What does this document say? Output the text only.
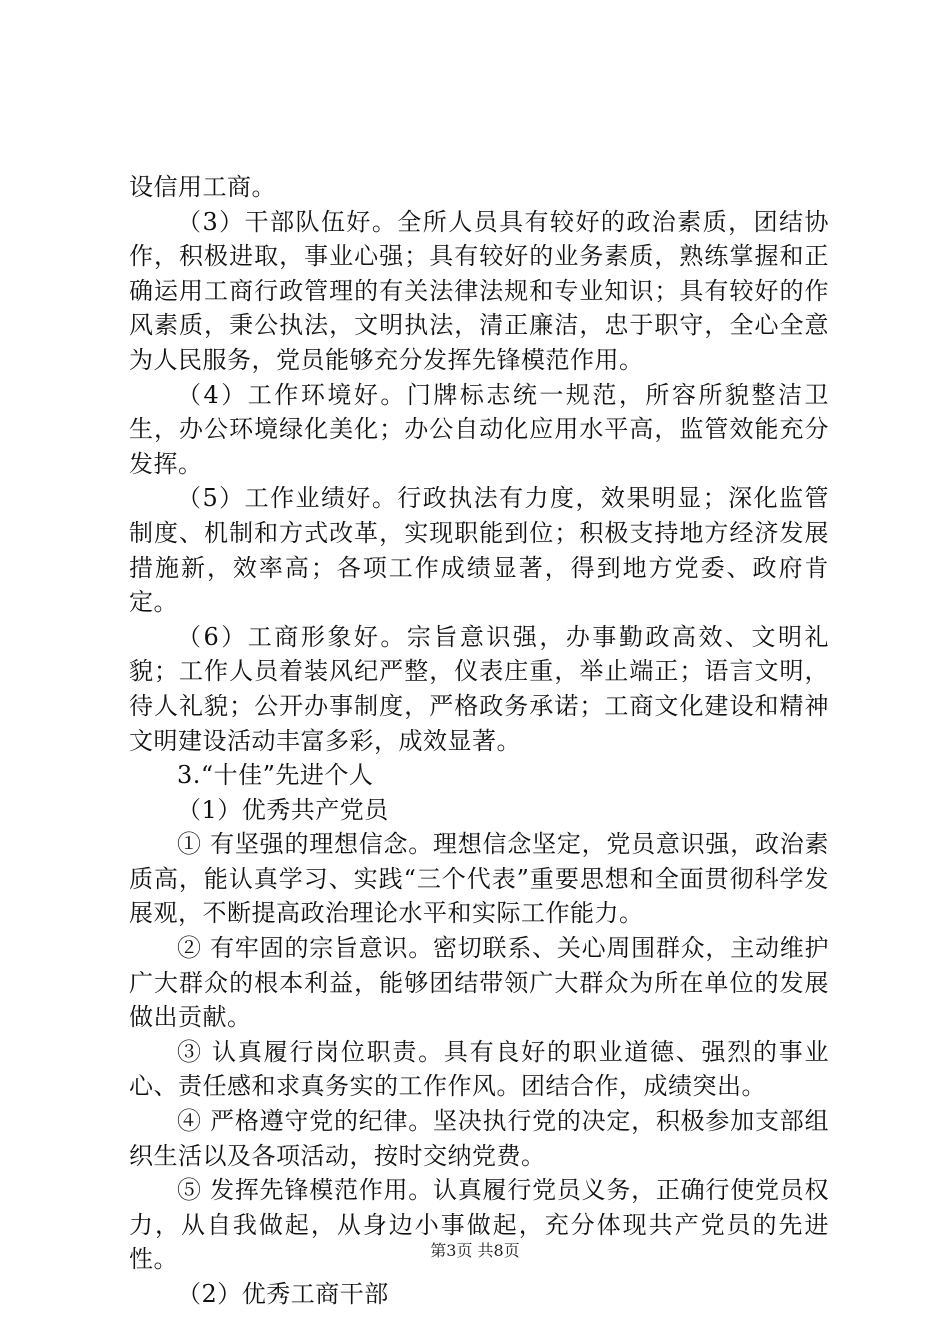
设信用工商。

（3）干部队伍好。全所人员具有较好的政治素质，团结协作，积极进取，事业心强；具有较好的业务素质，熟练掌握和正确运用工商行政管理的有关法律法规和专业知识；具有较好的作风素质，秉公执法，文明执法，清正廉洁，忠于职守，全心全意为人民服务，党员能够充分发挥先锋模范作用。

（4）工作环境好。门牌标志统一规范，所容所貌整洁卫生，办公环境绿化美化；办公自动化应用水平高，监管效能充分发挥。

（5）工作业绩好。行政执法有力度，效果明显；深化监管制度、机制和方式改革，实现职能到位；积极支持地方经济发展措施新，效率高；各项工作成绩显著，得到地方党委、政府肯定。

（6）工商形象好。宗旨意识强，办事勤政高效、文明礼貌；工作人员着装风纪严整，仪表庄重，举止端正；语言文明，待人礼貌；公开办事制度，严格政务承诺；工商文化建设和精神文明建设活动丰富多彩，成效显著。

3.“十佳”先进个人

（1）优秀共产党员

① 有坚强的理想信念。理想信念坚定，党员意识强，政治素质高，能认真学习、实践“三个代表”重要思想和全面贯彻科学发展观，不断提高政治理论水平和实际工作能力。

② 有牢固的宗旨意识。密切联系、关心周围群众，主动维护广大群众的根本利益，能够团结带领广大群众为所在单位的发展做出贡献。

③ 认真履行岗位职责。具有良好的职业道德、强烈的事业心、责任感和求真务实的工作作风。团结合作，成绩突出。

④ 严格遵守党的纪律。坚决执行党的决定，积极参加支部组织生活以及各项活动，按时交纳党费。

⑤ 发挥先锋模范作用。认真履行党员义务，正确行使党员权力，从自我做起，从身边小事做起，充分体现共产党员的先进性。

（2）优秀工商干部

第3页 共8页
